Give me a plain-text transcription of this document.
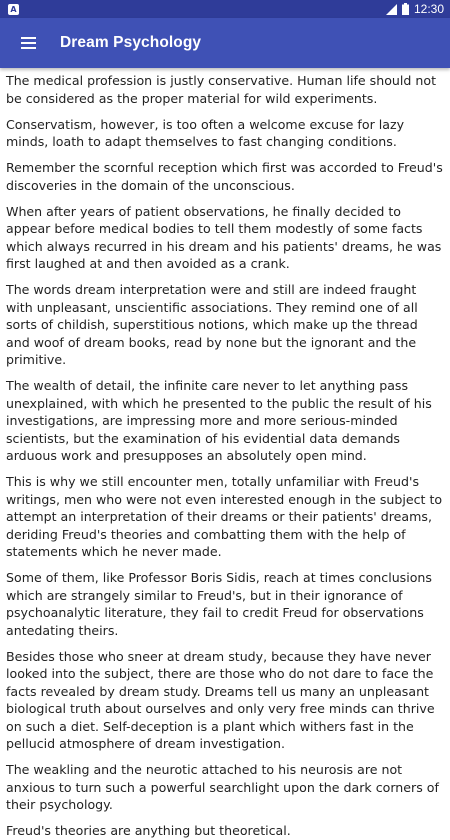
A	12:30
Dream Psychology

The medical profession is justly conservative. Human life should not be considered as the proper material for wild experiments.

Conservatism, however, is too often a welcome excuse for lazy minds, loath to adapt themselves to fast changing conditions.

Remember the scornful reception which first was accorded to Freud's discoveries in the domain of the unconscious.

When after years of patient observations, he finally decided to appear before medical bodies to tell them modestly of some facts which always recurred in his dream and his patients' dreams, he was first laughed at and then avoided as a crank.

The words dream interpretation were and still are indeed fraught with unpleasant, unscientific associations. They remind one of all sorts of childish, superstitious notions, which make up the thread and woof of dream books, read by none but the ignorant and the primitive.

The wealth of detail, the infinite care never to let anything pass unexplained, with which he presented to the public the result of his investigations, are impressing more and more serious-minded scientists, but the examination of his evidential data demands arduous work and presupposes an absolutely open mind.

This is why we still encounter men, totally unfamiliar with Freud's writings, men who were not even interested enough in the subject to attempt an interpretation of their dreams or their patients' dreams, deriding Freud's theories and combatting them with the help of statements which he never made.

Some of them, like Professor Boris Sidis, reach at times conclusions which are strangely similar to Freud's, but in their ignorance of psychoanalytic literature, they fail to credit Freud for observations antedating theirs.

Besides those who sneer at dream study, because they have never looked into the subject, there are those who do not dare to face the facts revealed by dream study. Dreams tell us many an unpleasant biological truth about ourselves and only very free minds can thrive on such a diet. Self-deception is a plant which withers fast in the pellucid atmosphere of dream investigation.

The weakling and the neurotic attached to his neurosis are not anxious to turn such a powerful searchlight upon the dark corners of their psychology.

Freud's theories are anything but theoretical.
